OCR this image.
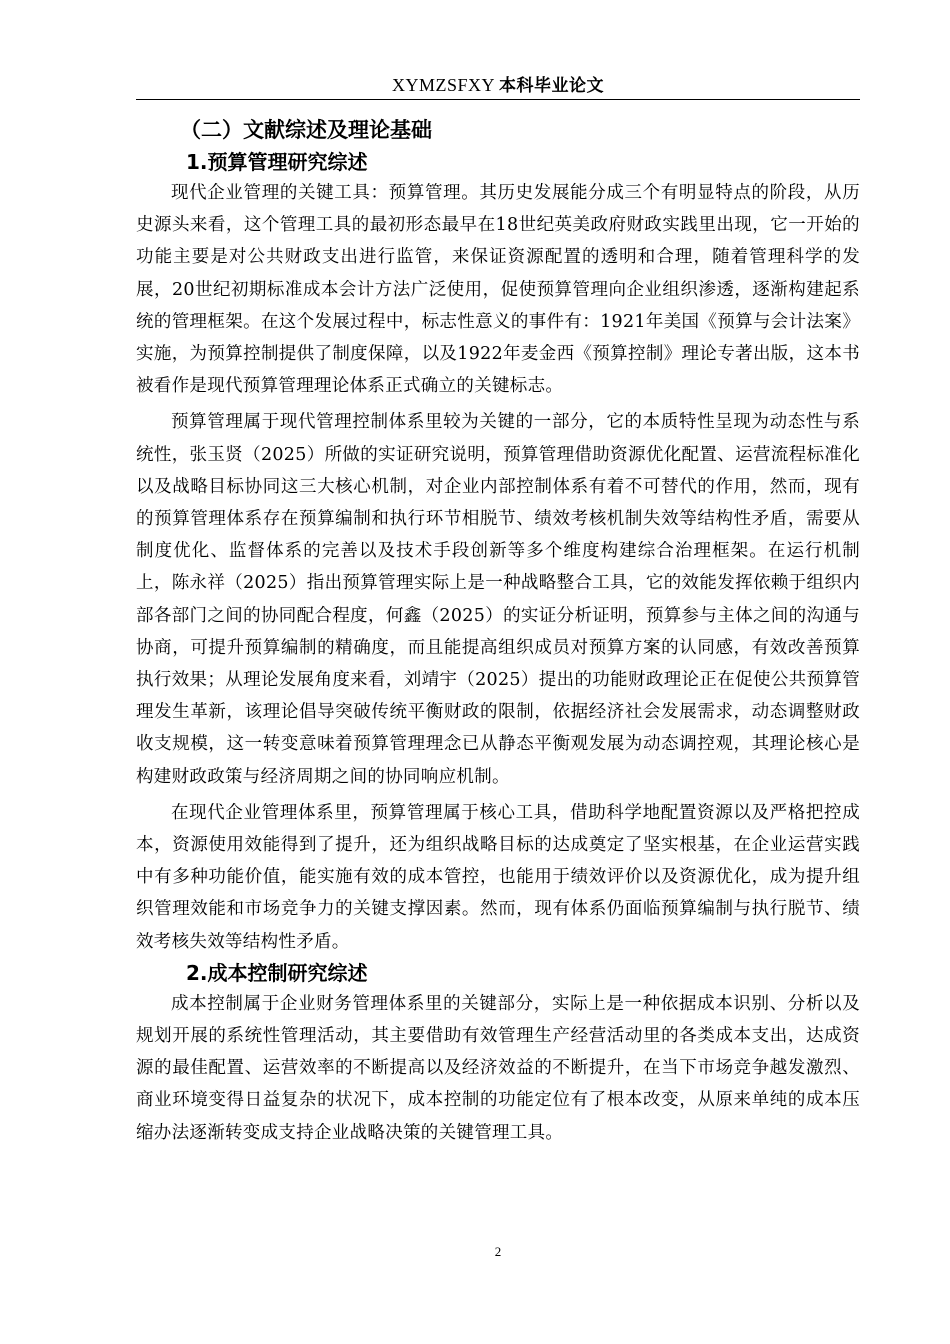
XYMZSFXY 本科毕业论文
（二）文献综述及理论基础
1.预算管理研究综述

现代企业管理的关键工具：预算管理。其历史发展能分成三个有明显特点的阶段，从历史源头来看，这个管理工具的最初形态最早在18世纪英美政府财政实践里出现，它一开始的功能主要是对公共财政支出进行监管，来保证资源配置的透明和合理，随着管理科学的发展，20世纪初期标准成本会计方法广泛使用，促使预算管理向企业组织渗透，逐渐构建起系统的管理框架。在这个发展过程中，标志性意义的事件有：1921年美国《预算与会计法案》实施，为预算控制提供了制度保障，以及1922年麦金西《预算控制》理论专著出版，这本书被看作是现代预算管理理论体系正式确立的关键标志。

预算管理属于现代管理控制体系里较为关键的一部分，它的本质特性呈现为动态性与系统性，张玉贤（2025）所做的实证研究说明，预算管理借助资源优化配置、运营流程标准化以及战略目标协同这三大核心机制，对企业内部控制体系有着不可替代的作用，然而，现有的预算管理体系存在预算编制和执行环节相脱节、绩效考核机制失效等结构性矛盾，需要从制度优化、监督体系的完善以及技术手段创新等多个维度构建综合治理框架。在运行机制上，陈永祥（2025）指出预算管理实际上是一种战略整合工具，它的效能发挥依赖于组织内部各部门之间的协同配合程度，何鑫（2025）的实证分析证明，预算参与主体之间的沟通与协商，可提升预算编制的精确度，而且能提高组织成员对预算方案的认同感，有效改善预算执行效果；从理论发展角度来看，刘靖宇（2025）提出的功能财政理论正在促使公共预算管理发生革新，该理论倡导突破传统平衡财政的限制，依据经济社会发展需求，动态调整财政收支规模，这一转变意味着预算管理理念已从静态平衡观发展为动态调控观，其理论核心是构建财政政策与经济周期之间的协同响应机制。

在现代企业管理体系里，预算管理属于核心工具，借助科学地配置资源以及严格把控成本，资源使用效能得到了提升，还为组织战略目标的达成奠定了坚实根基，在企业运营实践中有多种功能价值，能实施有效的成本管控，也能用于绩效评价以及资源优化，成为提升组织管理效能和市场竞争力的关键支撑因素。然而，现有体系仍面临预算编制与执行脱节、绩效考核失效等结构性矛盾。

2.成本控制研究综述

成本控制属于企业财务管理体系里的关键部分，实际上是一种依据成本识别、分析以及规划开展的系统性管理活动，其主要借助有效管理生产经营活动里的各类成本支出，达成资源的最佳配置、运营效率的不断提高以及经济效益的不断提升，在当下市场竞争越发激烈、商业环境变得日益复杂的状况下，成本控制的功能定位有了根本改变，从原来单纯的成本压缩办法逐渐转变成支持企业战略决策的关键管理工具。

2
